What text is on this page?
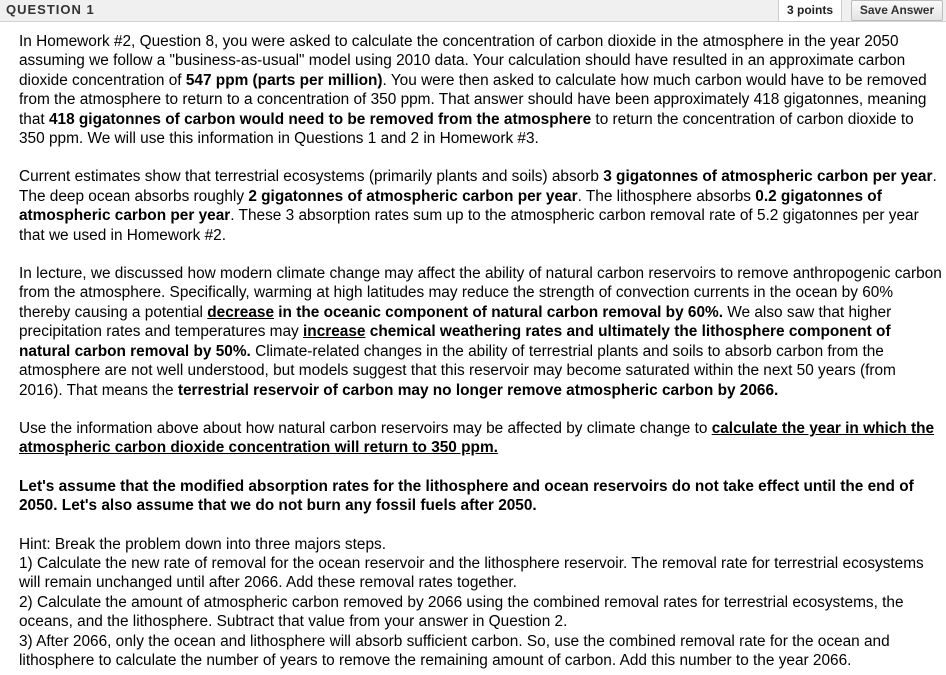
QUESTION 1	3 points	Save Answer

In Homework #2, Question 8, you were asked to calculate the concentration of carbon dioxide in the atmosphere in the year 2050 assuming we follow a "business-as-usual" model using 2010 data. Your calculation should have resulted in an approximate carbon dioxide concentration of 547 ppm (parts per million). You were then asked to calculate how much carbon would have to be removed from the atmosphere to return to a concentration of 350 ppm. That answer should have been approximately 418 gigatonnes, meaning that 418 gigatonnes of carbon would need to be removed from the atmosphere to return the concentration of carbon dioxide to 350 ppm. We will use this information in Questions 1 and 2 in Homework #3.

Current estimates show that terrestrial ecosystems (primarily plants and soils) absorb 3 gigatonnes of atmospheric carbon per year. The deep ocean absorbs roughly 2 gigatonnes of atmospheric carbon per year. The lithosphere absorbs 0.2 gigatonnes of atmospheric carbon per year. These 3 absorption rates sum up to the atmospheric carbon removal rate of 5.2 gigatonnes per year that we used in Homework #2.

In lecture, we discussed how modern climate change may affect the ability of natural carbon reservoirs to remove anthropogenic carbon from the atmosphere. Specifically, warming at high latitudes may reduce the strength of convection currents in the ocean by 60% thereby causing a potential decrease in the oceanic component of natural carbon removal by 60%. We also saw that higher precipitation rates and temperatures may increase chemical weathering rates and ultimately the lithosphere component of natural carbon removal by 50%. Climate-related changes in the ability of terrestrial plants and soils to absorb carbon from the atmosphere are not well understood, but models suggest that this reservoir may become saturated within the next 50 years (from 2016). That means the terrestrial reservoir of carbon may no longer remove atmospheric carbon by 2066.

Use the information above about how natural carbon reservoirs may be affected by climate change to calculate the year in which the atmospheric carbon dioxide concentration will return to 350 ppm.

Let's assume that the modified absorption rates for the lithosphere and ocean reservoirs do not take effect until the end of 2050. Let's also assume that we do not burn any fossil fuels after 2050.

Hint: Break the problem down into three majors steps.
1) Calculate the new rate of removal for the ocean reservoir and the lithosphere reservoir. The removal rate for terrestrial ecosystems will remain unchanged until after 2066. Add these removal rates together.
2) Calculate the amount of atmospheric carbon removed by 2066 using the combined removal rates for terrestrial ecosystems, the oceans, and the lithosphere. Subtract that value from your answer in Question 2.
3) After 2066, only the ocean and lithosphere will absorb sufficient carbon. So, use the combined removal rate for the ocean and lithosphere to calculate the number of years to remove the remaining amount of carbon. Add this number to the year 2066.
